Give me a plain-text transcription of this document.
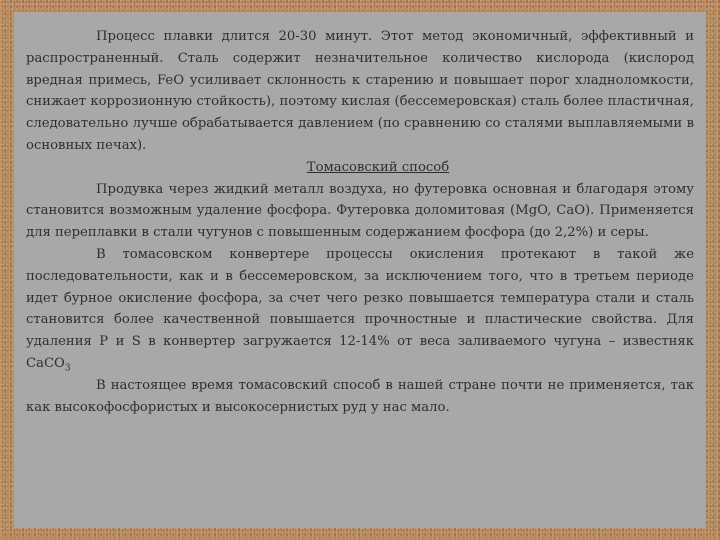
Процесс плавки длится 20-30 минут. Этот метод экономичный, эффективный и распространенный. Сталь содержит незначительное количество кислорода (кислород вредная примесь, FeO усиливает склонность к старению и повышает порог хладноломкости, снижает коррозионную стойкость), поэтому кислая (бессемеровская) сталь более пластичная, следовательно лучше обрабатывается давлением (по сравнению со сталями выплавляемыми в основных печах).

Томасовский способ

Продувка через жидкий металл воздуха, но футеровка основная и благодаря этому становится возможным удаление фосфора. Футеровка доломитовая (MgO, CaO). Применяется для переплавки в стали чугунов с повышенным содержанием фосфора (до 2,2%) и серы.

В томасовском конвертере процессы окисления протекают в такой же последовательности, как и в бессемеровском, за исключением того, что в третьем периоде идет бурное окисление фосфора, за счет чего резко повышается температура стали и сталь становится более качественной повышается прочностные и пластические свойства. Для удаления P и S в конвертер загружается 12-14% от веса заливаемого чугуна – известняк CaCO$_3$

В настоящее время томасовский способ в нашей стране почти не применяется, так как высокофосфористых и высокосернистых руд у нас мало.
